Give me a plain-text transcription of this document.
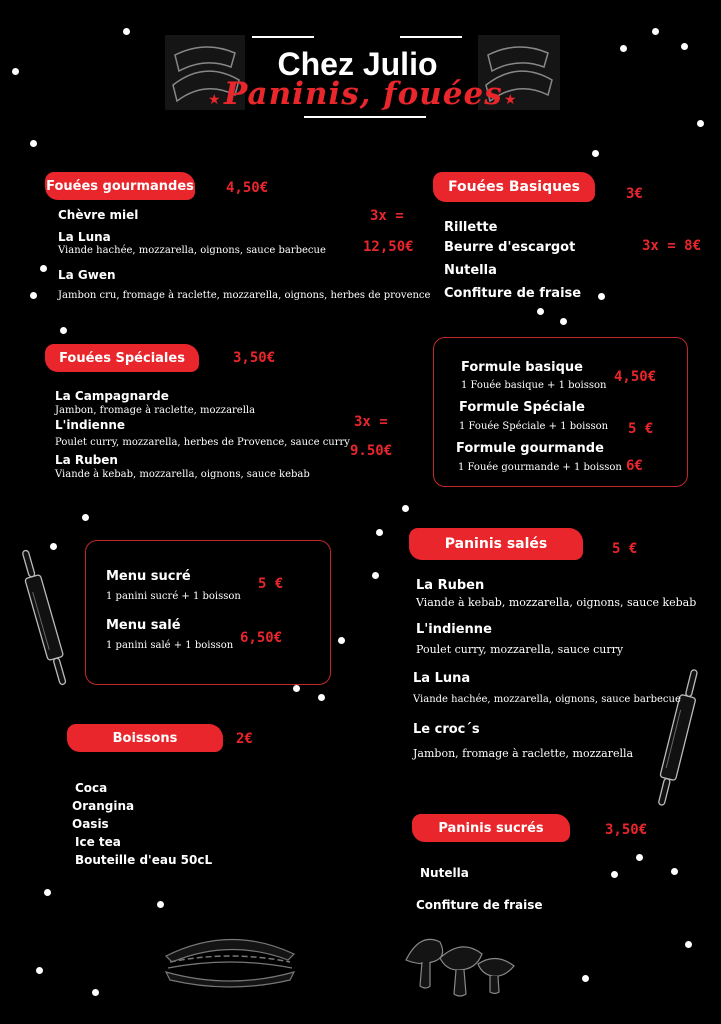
Chez Julio
★	★
Paninis, fouées
Fouées gourmandes 4,50€
Chèvre miel
La Luna
Viande hachée, mozzarella, oignons, sauce barbecue
La Gwen
Jambon cru, fromage à raclette, mozzarella, oignons, herbes de provence
3x =
12,50€
Fouées Basiques	3€
Rillette
Beurre d'escargot
Nutella
Confiture de fraise
3x = 8€
Fouées Spéciales	3,50€
La Campagnarde
Jambon, fromage à raclette, mozzarella
L'indienne
Poulet curry, mozzarella, herbes de Provence, sauce curry
La Ruben
Viande à kebab, mozzarella, oignons, sauce kebab
3x =
9.50€
Formule basique
1 Fouée basique + 1 boisson
4,50€
Formule Spéciale
1 Fouée Spéciale + 1 boisson 5 €
Formule gourmande
1 Fouée gourmande + 1 boisson 6€
Menu sucré
1 panini sucré + 1 boisson
5 €
Menu salé
1 panini salé + 1 boisson 6,50€
Paninis salés	5 €
La Ruben
Viande à kebab, mozzarella, oignons, sauce kebab
L'indienne
Poulet curry, mozzarella, sauce curry
La Luna
Viande hachée, mozzarella, oignons, sauce barbecue
Le croc´s
Jambon, fromage à raclette, mozzarella
Boissons	2€
Coca
Orangina
Oasis
Ice tea
Bouteille d'eau 50cL
Paninis sucrés	3,50€
Nutella
Confiture de fraise
